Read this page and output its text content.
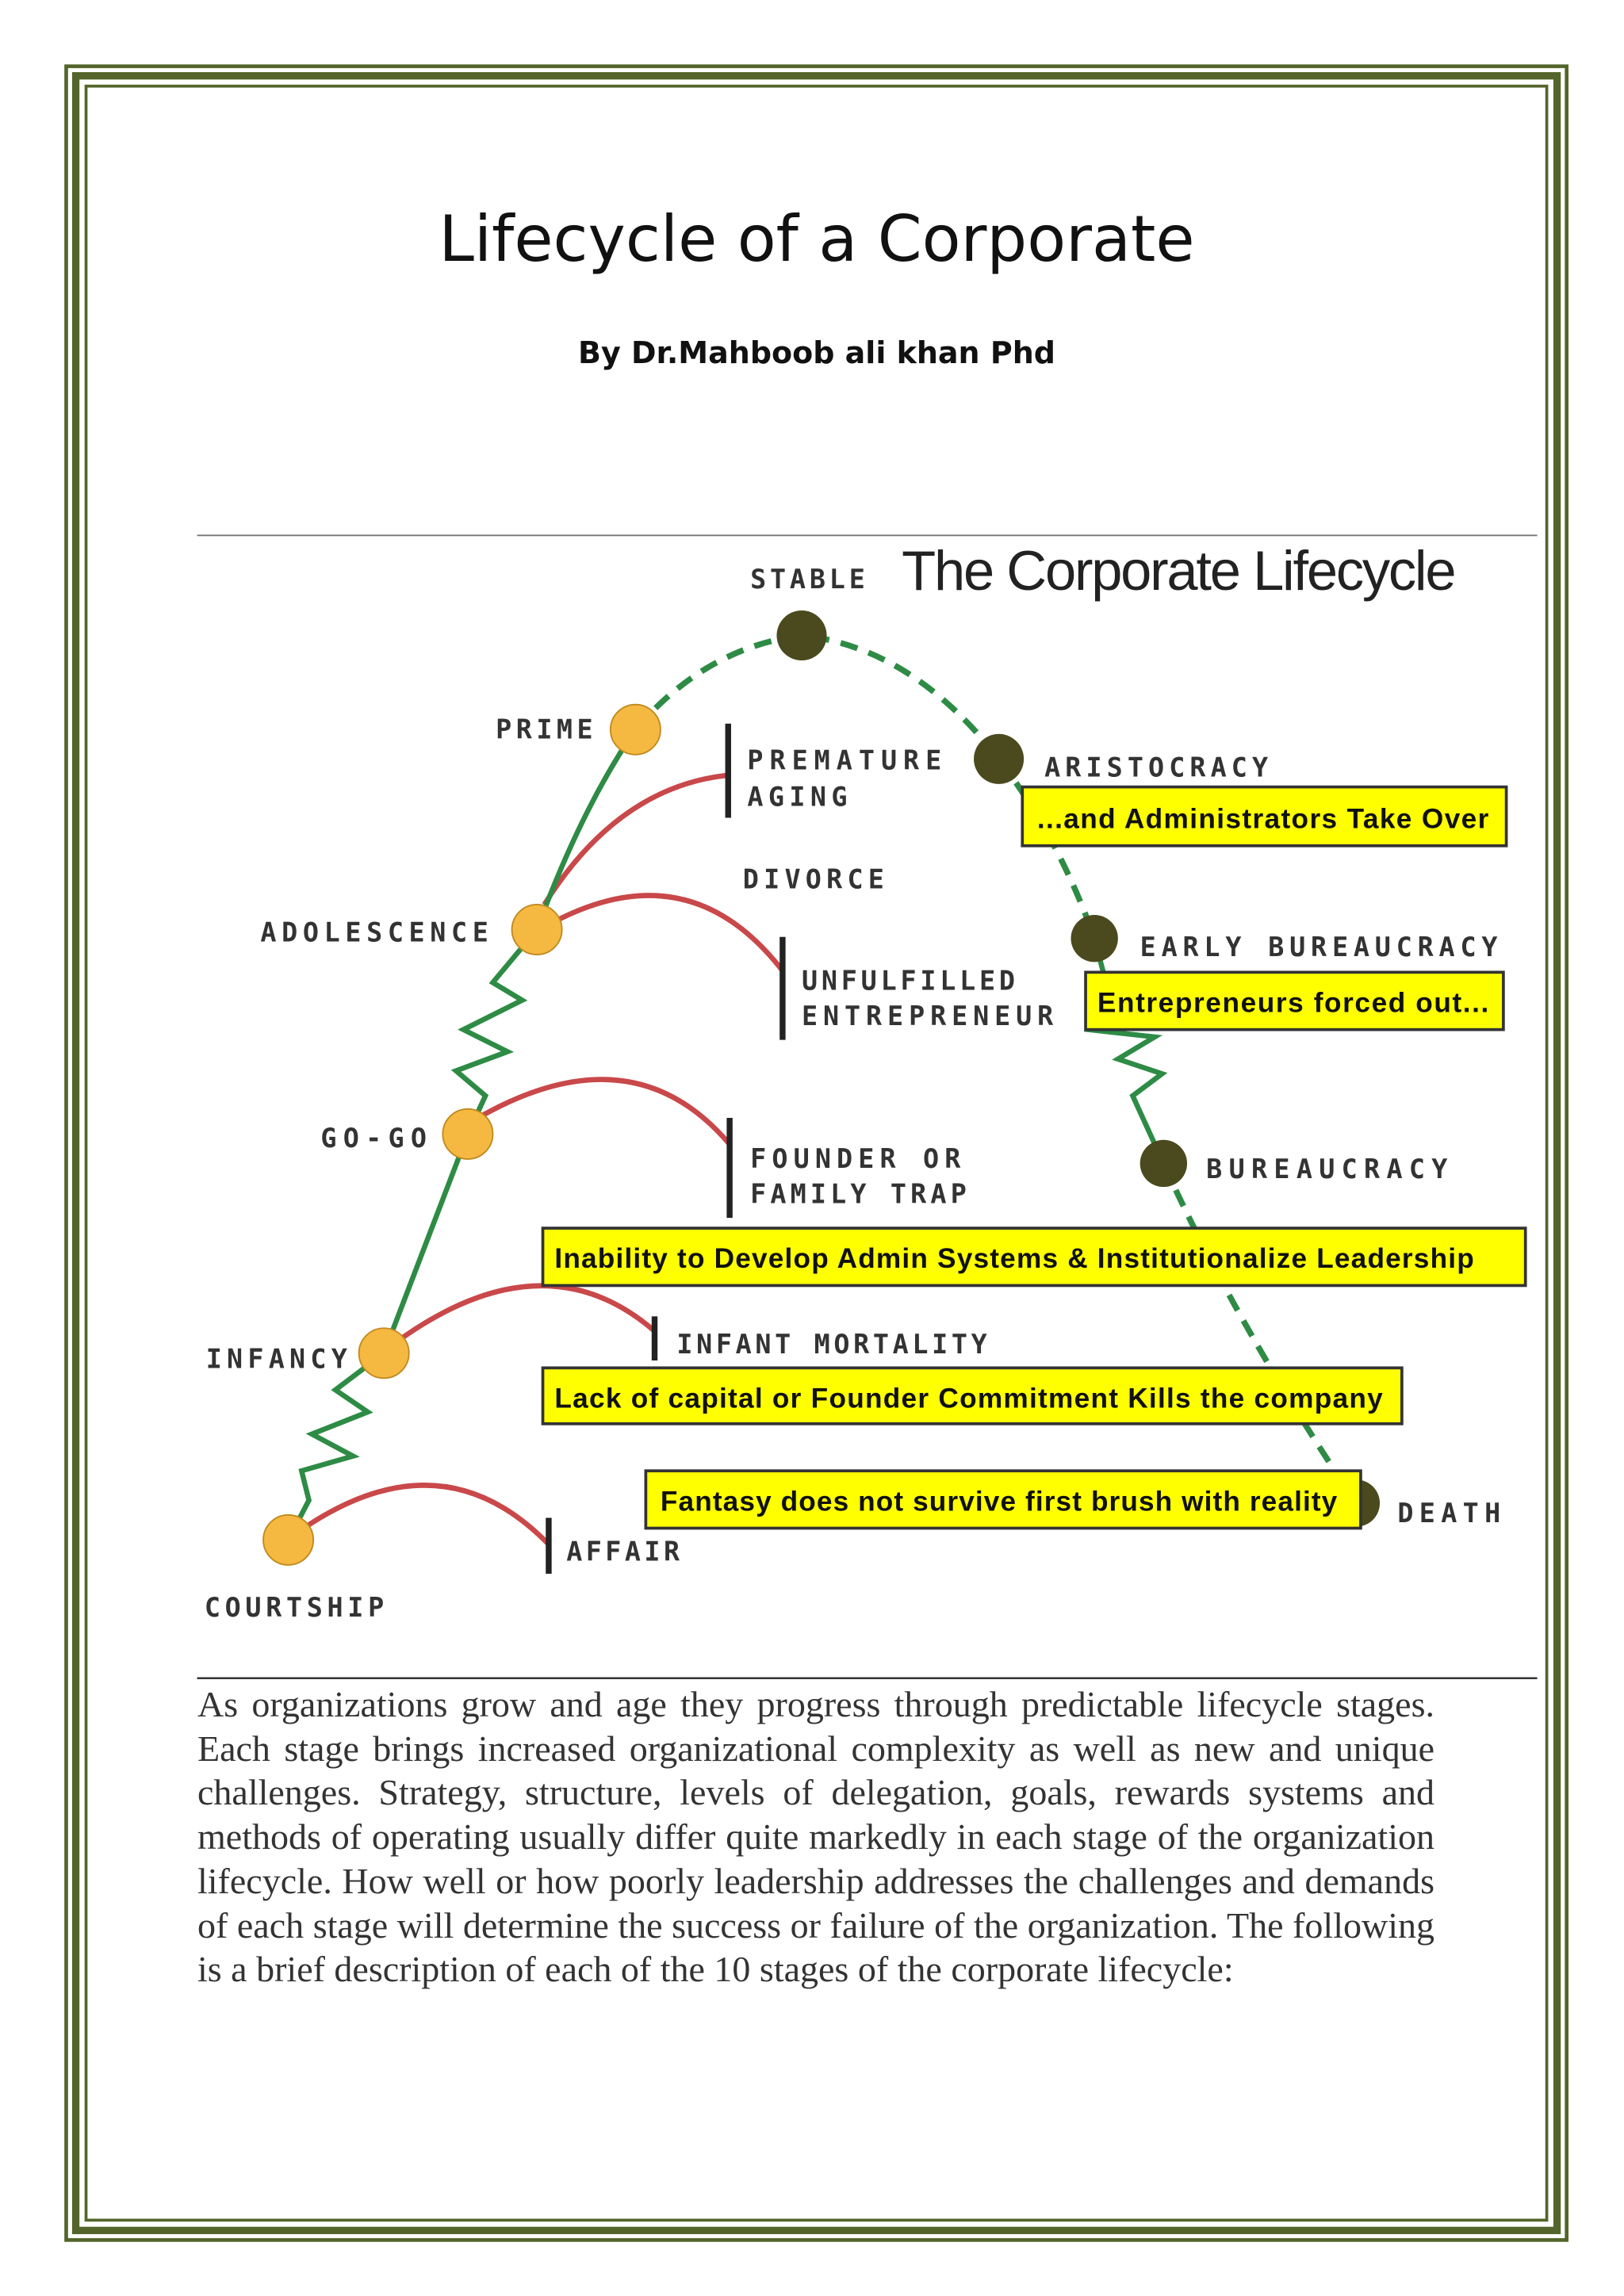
The Corporate Lifecycle
STABLE
PRIME
ARISTOCRACY
ADOLESCENCE	EARLY BUREAUCRACY
GO-GO
BUREAUCRACY
INFANCY
DEATH
COURTSHIP
PREMATURE
AGING
DIVORCE
UNFULFILLED
ENTREPRENEUR
FOUNDER OR
FAMILY TRAP
INFANT MORTALITY
AFFAIR
...and Administrators Take Over
Entrepreneurs forced out...
Inability to Develop Admin Systems & Institutionalize Leadership
Lack of capital or Founder Commitment Kills the company
Fantasy does not survive first brush with reality
Lifecycle of a Corporate
By Dr.Mahboob ali khan Phd
As organizations grow and age they progress through predictable lifecycle stages. Each stage brings increased organizational complexity as well as new and unique challenges. Strategy, structure, levels of delegation, goals, rewards systems and methods of operating usually differ quite markedly in each stage of the organization lifecycle. How well or how poorly leadership addresses the challenges and demands of each stage will determine the success or failure of the organization. The following is a brief description of each of the 10 stages of the corporate lifecycle:
